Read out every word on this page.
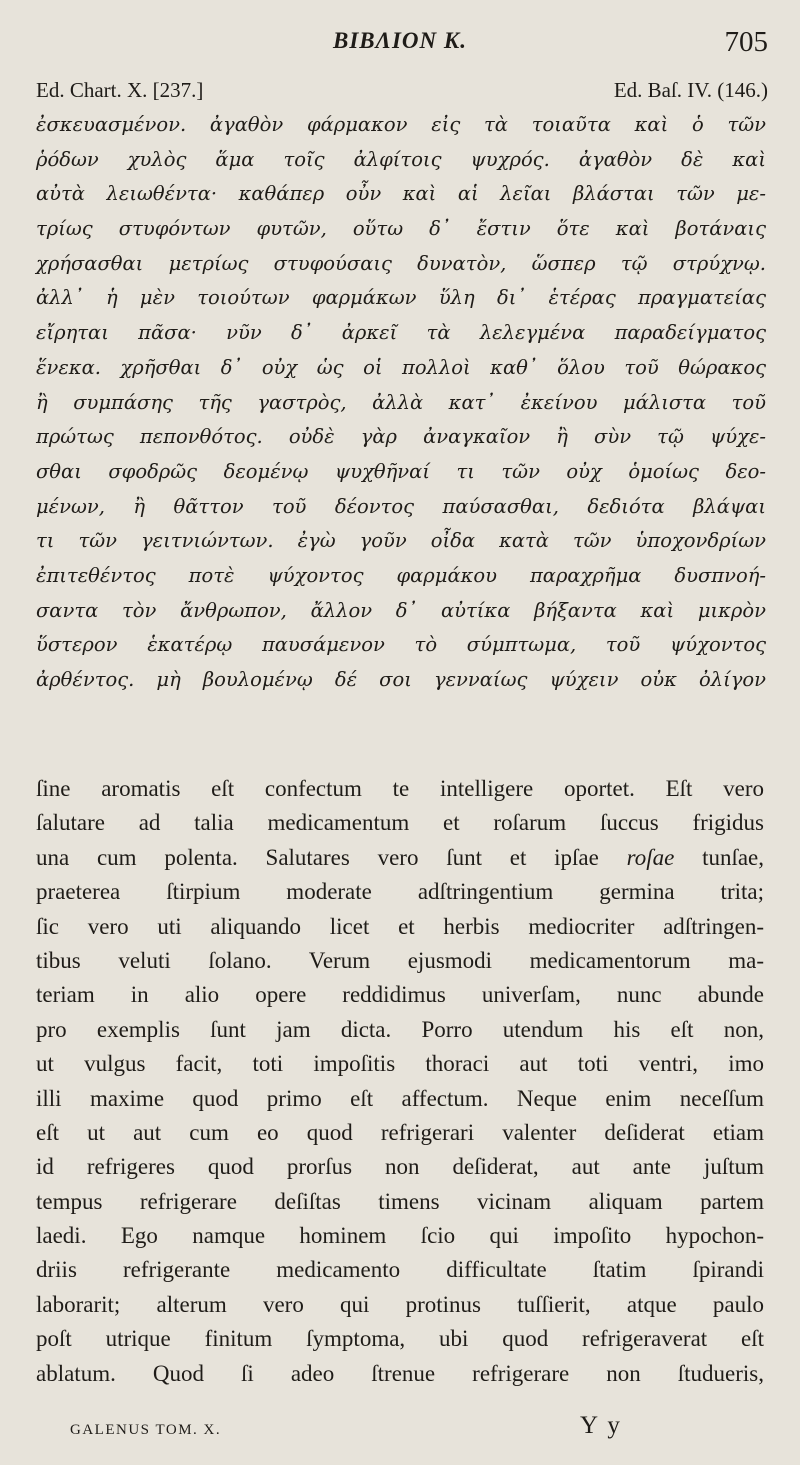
ΒΙΒΛΙΟΝ Κ.	705
Ed. Chart. X. [237.]	Ed. Baſ. IV. (146.)
ἐσκευασμένον. ἀγαθὸν φάρμακον εἰς τὰ τοιαῦτα καὶ ὁ τῶν
ῥόδων χυλὸς ἅμα τοῖς ἀλφίτοις ψυχρός. ἀγαθὸν δὲ καὶ
αὐτὰ λειωθέντα· καθάπερ οὖν καὶ αἱ λεῖαι βλάσται τῶν με-
τρίως στυφόντων φυτῶν, οὕτω δ᾽ ἔστιν ὅτε καὶ βοτάναις
χρήσασθαι μετρίως στυφούσαις δυνατὸν, ὥσπερ τῷ στρύχνῳ.
ἀλλ᾽ ἡ μὲν τοιούτων φαρμάκων ὕλη δι᾽ ἑτέρας πραγματείας
εἴρηται πᾶσα· νῦν δ᾽ ἀρκεῖ τὰ λελεγμένα παραδείγματος
ἕνεκα. χρῆσθαι δ᾽ οὐχ ὡς οἱ πολλοὶ καθ᾽ ὅλου τοῦ θώρακος
ἢ συμπάσης τῆς γαστρὸς, ἀλλὰ κατ᾽ ἐκείνου μάλιστα τοῦ
πρώτως πεπονθότος. οὐδὲ γὰρ ἀναγκαῖον ἢ σὺν τῷ ψύχε-
σθαι σφοδρῶς δεομένῳ ψυχθῆναί τι τῶν οὐχ ὁμοίως δεο-
μένων, ἢ θᾶττον τοῦ δέοντος παύσασθαι, δεδιότα βλάψαι
τι τῶν γειτνιώντων. ἐγὼ γοῦν οἶδα κατὰ τῶν ὑποχονδρίων
ἐπιτεθέντος ποτὲ ψύχοντος φαρμάκου παραχρῆμα δυσπνοή-
σαντα τὸν ἄνθρωπον, ἄλλον δ᾽ αὐτίκα βήξαντα καὶ μικρὸν
ὕστερον ἑκατέρῳ παυσάμενον τὸ σύμπτωμα, τοῦ ψύχοντος
ἀρθέντος. μὴ βουλομένῳ δέ σοι γενναίως ψύχειν οὐκ ὀλίγον
ſine aromatis eſt confectum te intelligere oportet. Eſt vero
ſalutare ad talia medicamentum et roſarum ſuccus frigidus
una cum polenta. Salutares vero ſunt et ipſae roſae tunſae,
praeterea ſtirpium moderate adſtringentium germina trita;
ſic vero uti aliquando licet et herbis mediocriter adſtringen-
tibus veluti ſolano. Verum ejusmodi medicamentorum ma-
teriam in alio opere reddidimus univerſam, nunc abunde
pro exemplis ſunt jam dicta. Porro utendum his eſt non,
ut vulgus facit, toti impoſitis thoraci aut toti ventri, imo
illi maxime quod primo eſt affectum. Neque enim neceſſum
eſt ut aut cum eo quod refrigerari valenter deſiderat etiam
id refrigeres quod prorſus non deſiderat, aut ante juſtum
tempus refrigerare deſiſtas timens vicinam aliquam partem
laedi. Ego namque hominem ſcio qui impoſito hypochon-
driis refrigerante medicamento difficultate ſtatim ſpirandi
laborarit; alterum vero qui protinus tuſſierit, atque paulo
poſt utrique finitum ſymptoma, ubi quod refrigeraverat eſt
ablatum. Quod ſi adeo ſtrenue refrigerare non ſtudueris,
GALENUS TOM. X.	Y y
